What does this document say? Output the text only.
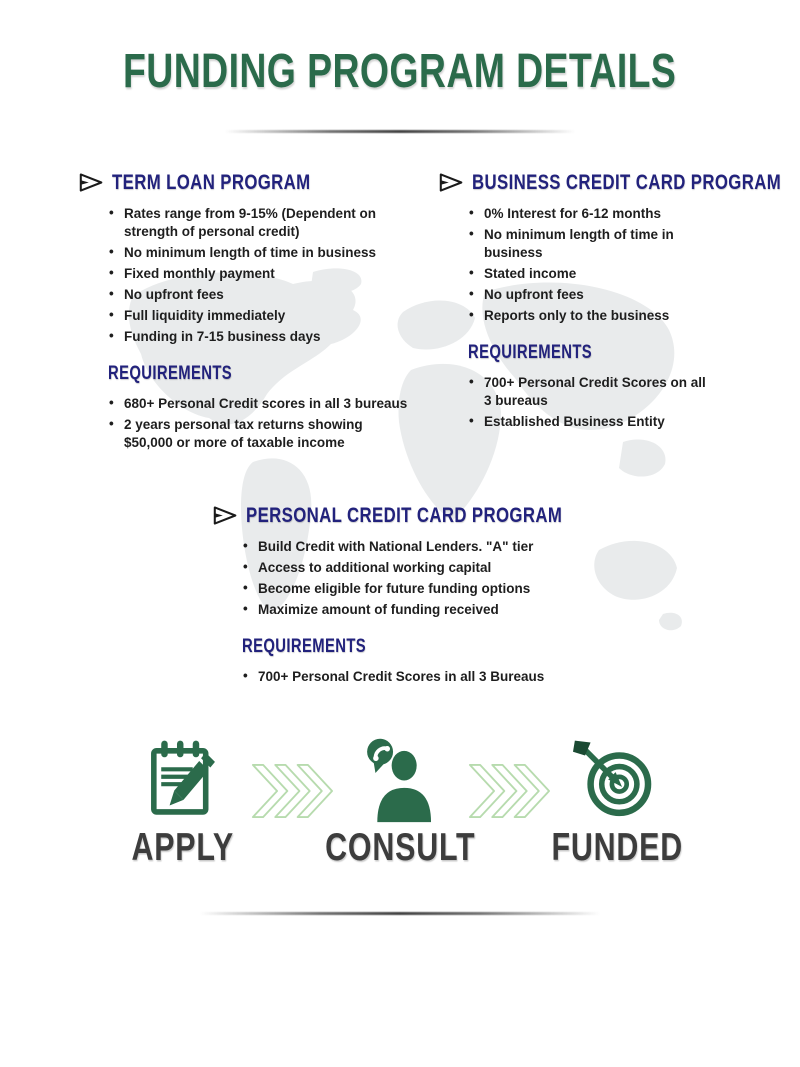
FUNDING PROGRAM DETAILS
TERM LOAN PROGRAM
• Rates range from 9-15% (Dependent on strength of personal credit)
• No minimum length of time in business
• Fixed monthly payment
• No upfront fees
• Full liquidity immediately
• Funding in 7-15 business days
REQUIREMENTS
• 680+ Personal Credit scores in all 3 bureaus
• 2 years personal tax returns showing $50,000 or more of taxable income
BUSINESS CREDIT CARD PROGRAM
• 0% Interest for 6-12 months
• No minimum length of time in business
• Stated income
• No upfront fees
• Reports only to the business
REQUIREMENTS
• 700+ Personal Credit Scores on all 3 bureaus
• Established Business Entity
PERSONAL CREDIT CARD PROGRAM
• Build Credit with National Lenders. "A" tier
• Access to additional working capital
• Become eligible for future funding options
• Maximize amount of funding received
REQUIREMENTS
• 700+ Personal Credit Scores in all 3 Bureaus
APPLY CONSULT FUNDED
